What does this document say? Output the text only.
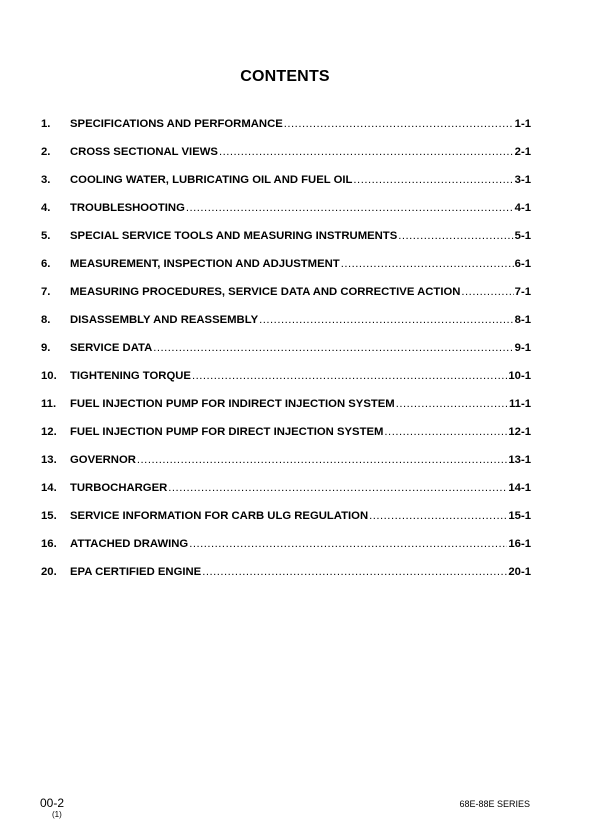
CONTENTS
1.	SPECIFICATIONS AND PERFORMANCE .....	1-1
2.	CROSS SECTIONAL VIEWS .....	2-1
3.	COOLING WATER, LUBRICATING OIL AND FUEL OIL .....	3-1
4.	TROUBLESHOOTING .....	4-1
5.	SPECIAL SERVICE TOOLS AND MEASURING INSTRUMENTS .....	5-1
6.	MEASUREMENT, INSPECTION AND ADJUSTMENT .....	6-1
7.	MEASURING PROCEDURES, SERVICE DATA AND CORRECTIVE ACTION .....	7-1
8.	DISASSEMBLY AND REASSEMBLY .....	8-1
9.	SERVICE DATA .....	9-1
10.	TIGHTENING TORQUE .....	10-1
11.	FUEL INJECTION PUMP FOR INDIRECT INJECTION SYSTEM .....	11-1
12.	FUEL INJECTION PUMP FOR DIRECT INJECTION SYSTEM .....	12-1
13.	GOVERNOR .....	13-1
14.	TURBOCHARGER .....	14-1
15.	SERVICE INFORMATION FOR CARB ULG REGULATION .....	15-1
16.	ATTACHED DRAWING .....	16-1
20.	EPA CERTIFIED ENGINE .....	20-1
00-2
(1)
68E-88E SERIES
